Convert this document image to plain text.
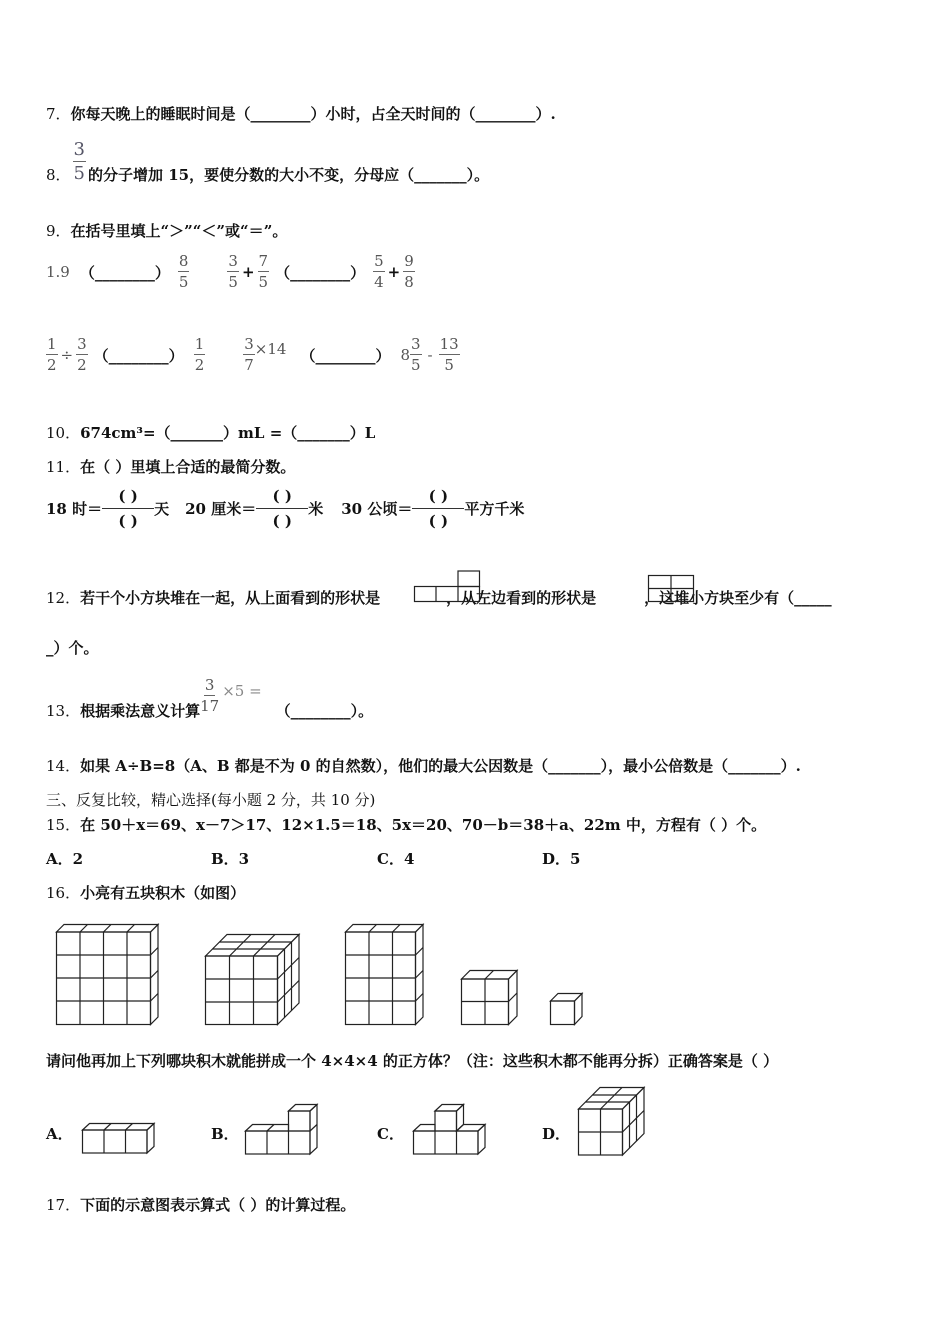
7．你每天晚上的睡眠时间是（________）小时，占全天时间的（________）.
8． $\frac{3}{5}$ 的分子增加 15，要使分数的大小不变，分母应（_______）。
9．在括号里填上“＞”“＜”或“＝”。
1.9 （________） $\frac{8}{5}$	$\frac{3}{5} + \frac{7}{5}$ （________） $\frac{5}{4} + \frac{9}{8}$
$\frac{1}{2} \div \frac{3}{2}$ （________） $\frac{1}{2}$	$\frac{3}{7} \times 14$ （________） $8 \frac{3}{5} - \frac{13}{5}$
10．674cm³=（_______）mL =（_______）L
11．在（ ）里填上合适的最简分数。
18 时＝ $\frac{( )}{( )}$ 天 20 厘米＝ $\frac{( )}{( )}$ 米 30 公顷＝ $\frac{( )}{( )}$ 平方千米
12．若干个小方块堆在一起，从上面看到的形状是	，从左边看到的形状是	，这堆小方块至少有（_____
_）个。
13． 根据乘法意义计算 $\frac{3}{17} \times 5$ =
（________）。
14．如果 A÷B=8（A、B 都是不为 0 的自然数），他们的最大公因数是（_______），最小公倍数是（_______）.
三、反复比较，精心选择(每小题 2 分，共 10 分)
15．在 50＋x＝69、x－7＞17、12×1.5＝18、5x＝20、70－b＝38＋a、22m 中，方程有（ ）个。
A．2	B．3	C．4	D．5
16．小亮有五块积木（如图）
请问他再加上下列哪块积木就能拼成一个 4×4×4 的正方体？（注：这些积木都不能再分拆）正确答案是（ ）
A．	B．	C．	D．
17．下面的示意图表示算式（ ）的计算过程。
